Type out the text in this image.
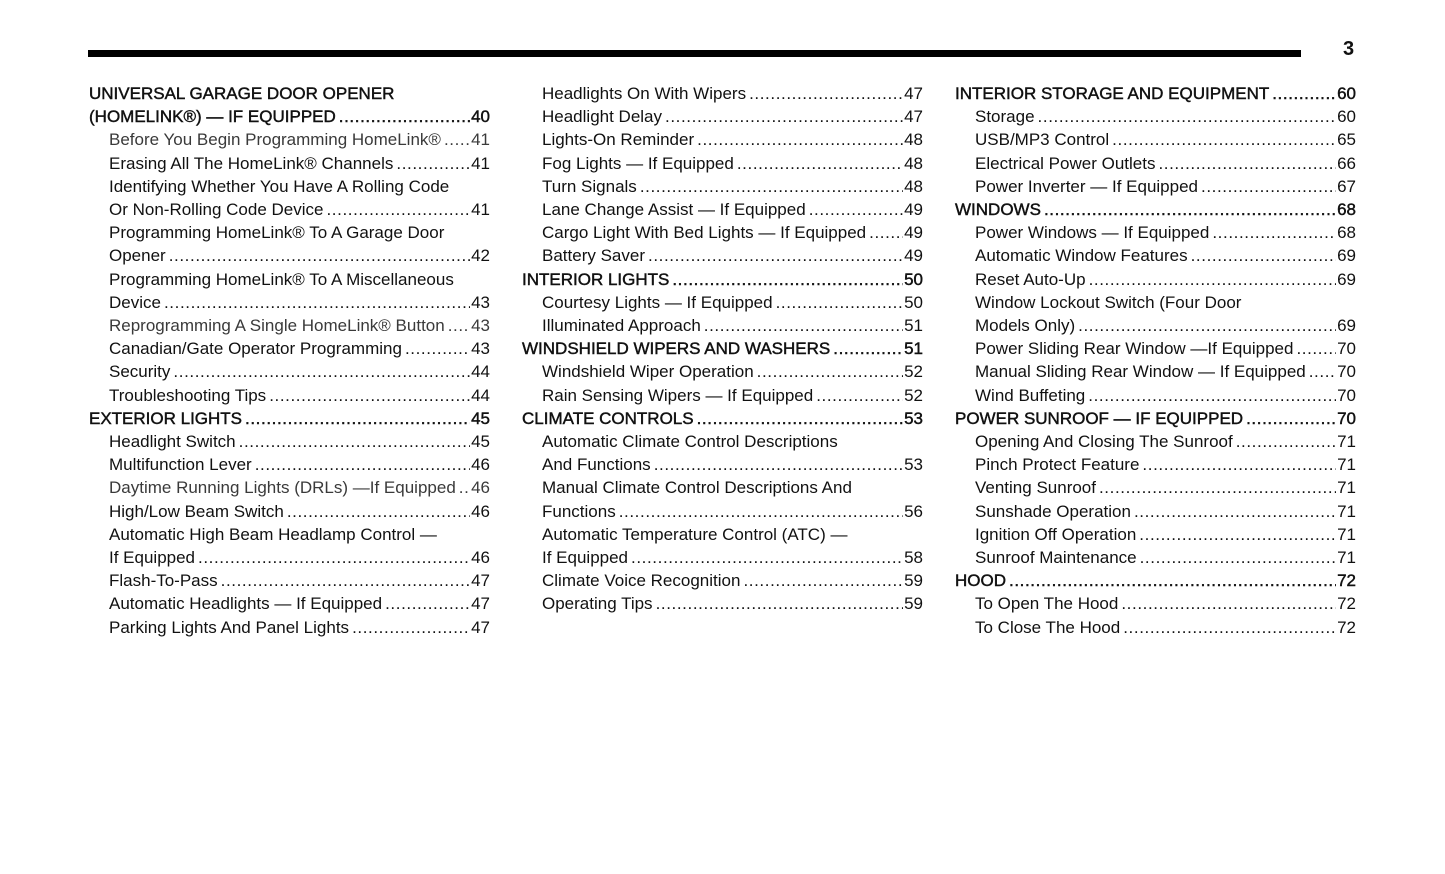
3
UNIVERSAL GARAGE DOOR OPENER
(HOMELINK®) — IF EQUIPPED .....	40
Before You Begin Programming HomeLink® ..... 41
Erasing All The HomeLink® Channels .....	41
Identifying Whether You Have A Rolling Code
Or Non-Rolling Code Device .....	41
Programming HomeLink® To A Garage Door
Opener .....	42
Programming HomeLink® To A Miscellaneous
Device .....	43
Reprogramming A Single HomeLink® Button ..... 43
Canadian/Gate Operator Programming .....	43
Security .....	44
Troubleshooting Tips .....	44
EXTERIOR LIGHTS .....	45
Headlight Switch .....	45
Multifunction Lever .....	46
Daytime Running Lights (DRLs) —If Equipped ..... 46
High/Low Beam Switch .....	46
Automatic High Beam Headlamp Control —
If Equipped .....	46
Flash-To-Pass .....	47
Automatic Headlights — If Equipped .....	47
Parking Lights And Panel Lights .....	47
Headlights On With Wipers .....	47
Headlight Delay .....	47
Lights-On Reminder .....	48
Fog Lights — If Equipped .....	48
Turn Signals .....	48
Lane Change Assist — If Equipped .....	49
Cargo Light With Bed Lights — If Equipped ..... 49
Battery Saver .....	49
INTERIOR LIGHTS .....	50
Courtesy Lights — If Equipped .....	50
Illuminated Approach .....	51
WINDSHIELD WIPERS AND WASHERS .....	51
Windshield Wiper Operation .....	52
Rain Sensing Wipers — If Equipped .....	52
CLIMATE CONTROLS .....	53
Automatic Climate Control Descriptions
And Functions .....	53
Manual Climate Control Descriptions And
Functions .....	56
Automatic Temperature Control (ATC) —
If Equipped .....	58
Climate Voice Recognition .....	59
Operating Tips .....	59
INTERIOR STORAGE AND EQUIPMENT .....	60
Storage .....	60
USB/MP3 Control .....	65
Electrical Power Outlets .....	66
Power Inverter — If Equipped .....	67
WINDOWS .....	68
Power Windows — If Equipped .....	68
Automatic Window Features .....	69
Reset Auto-Up .....	69
Window Lockout Switch (Four Door
Models Only) .....	69
Power Sliding Rear Window —If Equipped .....	70
Manual Sliding Rear Window — If Equipped ..... 70
Wind Buffeting .....	70
POWER SUNROOF — IF EQUIPPED .....	70
Opening And Closing The Sunroof .....	71
Pinch Protect Feature .....	71
Venting Sunroof .....	71
Sunshade Operation .....	71
Ignition Off Operation .....	71
Sunroof Maintenance .....	71
HOOD .....	72
To Open The Hood .....	72
To Close The Hood .....	72
